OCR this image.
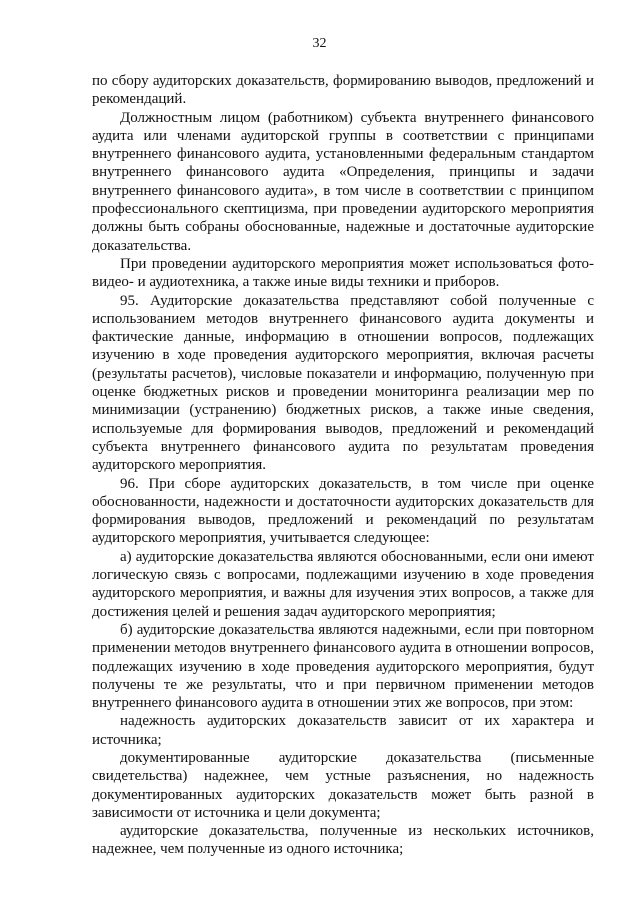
32

по сбору аудиторских доказательств, формированию выводов, предложений и рекомендаций.

Должностным лицом (работником) субъекта внутреннего финансового аудита или членами аудиторской группы в соответствии с принципами внутреннего финансового аудита, установленными федеральным стандартом внутреннего финансового аудита «Определения, принципы и задачи внутреннего финансового аудита», в том числе в соответствии с принципом профессионального скептицизма, при проведении аудиторского мероприятия должны быть собраны обоснованные, надежные и достаточные аудиторские доказательства.

При проведении аудиторского мероприятия может использоваться фото-видео- и аудиотехника, а также иные виды техники и приборов.

95. Аудиторские доказательства представляют собой полученные с использованием методов внутреннего финансового аудита документы и фактические данные, информацию в отношении вопросов, подлежащих изучению в ходе проведения аудиторского мероприятия, включая расчеты (результаты расчетов), числовые показатели и информацию, полученную при оценке бюджетных рисков и проведении мониторинга реализации мер по минимизации (устранению) бюджетных рисков, а также иные сведения, используемые для формирования выводов, предложений и рекомендаций субъекта внутреннего финансового аудита по результатам проведения аудиторского мероприятия.

96. При сборе аудиторских доказательств, в том числе при оценке обоснованности, надежности и достаточности аудиторских доказательств для формирования выводов, предложений и рекомендаций по результатам аудиторского мероприятия, учитывается следующее:

а) аудиторские доказательства являются обоснованными, если они имеют логическую связь с вопросами, подлежащими изучению в ходе проведения аудиторского мероприятия, и важны для изучения этих вопросов, а также для достижения целей и решения задач аудиторского мероприятия;

б) аудиторские доказательства являются надежными, если при повторном применении методов внутреннего финансового аудита в отношении вопросов, подлежащих изучению в ходе проведения аудиторского мероприятия, будут получены те же результаты, что и при первичном применении методов внутреннего финансового аудита в отношении этих же вопросов, при этом:

надежность аудиторских доказательств зависит от их характера и источника;

документированные аудиторские доказательства (письменные свидетельства) надежнее, чем устные разъяснения, но надежность документированных аудиторских доказательств может быть разной в зависимости от источника и цели документа;

аудиторские доказательства, полученные из нескольких источников, надежнее, чем полученные из одного источника;
